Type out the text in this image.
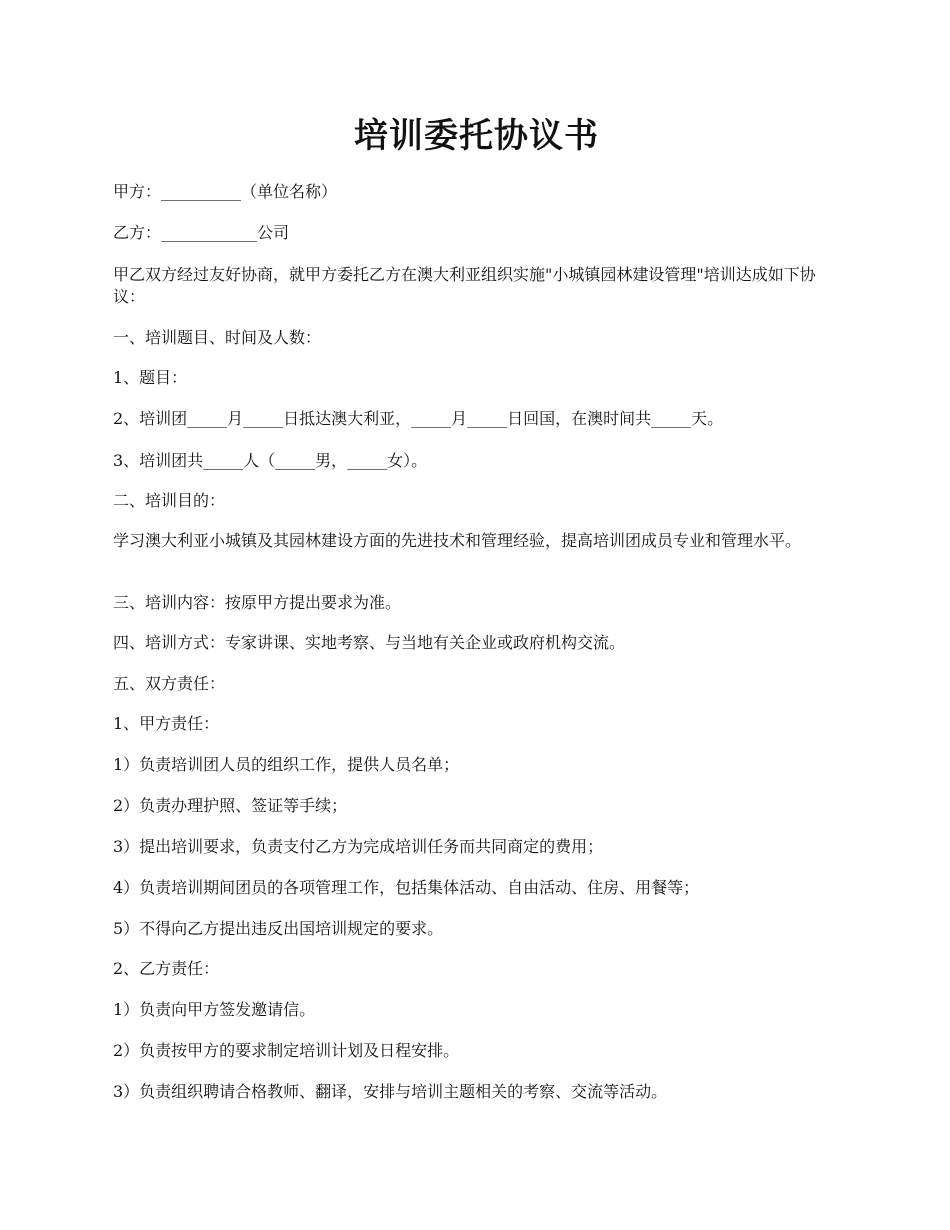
培训委托协议书
甲方：__________（单位名称）
乙方：____________公司
甲乙双方经过友好协商，就甲方委托乙方在澳大利亚组织实施"小城镇园林建设管理"培训达成如下协议：
一、培训题目、时间及人数：
1、题目：
2、培训团_____月_____日抵达澳大利亚，_____月_____日回国，在澳时间共_____天。
3、培训团共_____人（_____男，_____女）。
二、培训目的：
学习澳大利亚小城镇及其园林建设方面的先进技术和管理经验，提高培训团成员专业和管理水平。
三、培训内容：按原甲方提出要求为准。
四、培训方式：专家讲课、实地考察、与当地有关企业或政府机构交流。
五、双方责任：
1、甲方责任：
1）负责培训团人员的组织工作，提供人员名单；
2）负责办理护照、签证等手续；
3）提出培训要求，负责支付乙方为完成培训任务而共同商定的费用；
4）负责培训期间团员的各项管理工作，包括集体活动、自由活动、住房、用餐等；
5）不得向乙方提出违反出国培训规定的要求。
2、乙方责任：
1）负责向甲方签发邀请信。
2）负责按甲方的要求制定培训计划及日程安排。
3）负责组织聘请合格教师、翻译，安排与培训主题相关的考察、交流等活动。
